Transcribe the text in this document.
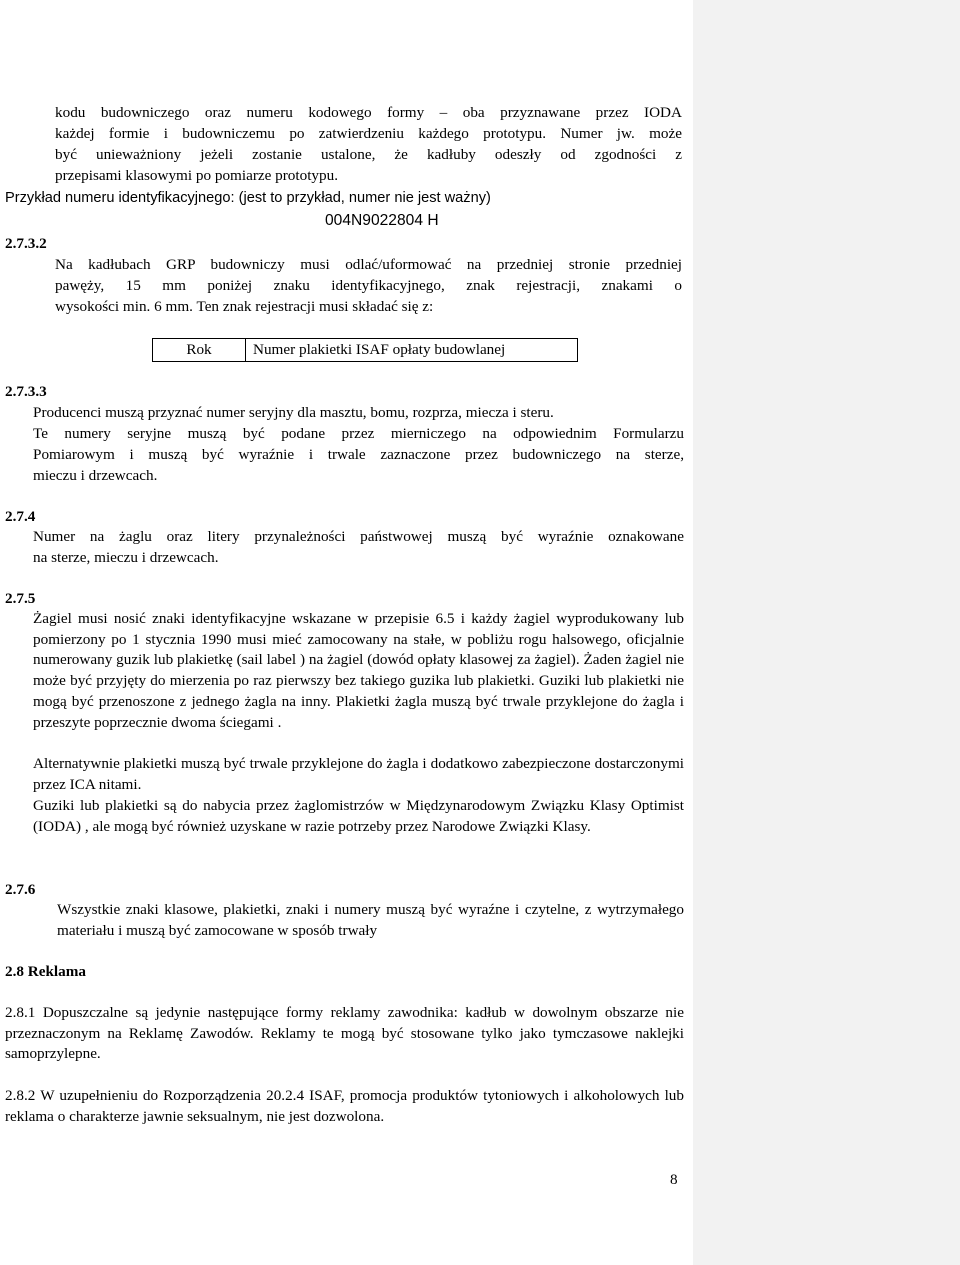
kodu budowniczego oraz numeru kodowego formy – oba przyznawane przez IODA
każdej formie i budowniczemu po zatwierdzeniu każdego prototypu. Numer jw. może
być unieważniony jeżeli zostanie ustalone, że kadłuby odeszły od zgodności z
przepisami klasowymi po pomiarze prototypu.
Przykład numeru identyfikacyjnego: (jest to przykład, numer nie jest ważny)
004N9022804 H
2.7.3.2
Na kadłubach GRP budowniczy musi odlać/uformować na przedniej stronie przedniej
pawęży, 15 mm poniżej znaku identyfikacyjnego, znak rejestracji, znakami o
wysokości min. 6 mm. Ten znak rejestracji musi składać się z:
Rok	Numer plakietki ISAF opłaty budowlanej
2.7.3.3
Producenci muszą przyznać numer seryjny dla masztu, bomu, rozprza, miecza i steru.
Te numery seryjne muszą być podane przez mierniczego na odpowiednim Formularzu
Pomiarowym i muszą być wyraźnie i trwale zaznaczone przez budowniczego na sterze,
mieczu i drzewcach.
2.7.4
Numer na żaglu oraz litery przynależności państwowej muszą być wyraźnie oznakowane
na sterze, mieczu i drzewcach.
2.7.5

Żagiel musi nosić znaki identyfikacyjne wskazane w przepisie 6.5 i każdy żagiel wyprodukowany lub pomierzony po 1 stycznia 1990 musi mieć zamocowany na stałe, w pobliżu rogu halsowego, oficjalnie numerowany guzik lub plakietkę (sail label ) na żagiel (dowód opłaty klasowej za żagiel). Żaden żagiel nie może być przyjęty do mierzenia po raz pierwszy bez takiego guzika lub plakietki. Guziki lub plakietki nie mogą być przenoszone z jednego żagla na inny. Plakietki żagla muszą być trwale przyklejone do żagla i przeszyte poprzecznie dwoma ściegami .

Alternatywnie plakietki muszą być trwale przyklejone do żagla i dodatkowo zabezpieczone dostarczonymi przez ICA nitami.

Guziki lub plakietki są do nabycia przez żaglomistrzów w Międzynarodowym Związku Klasy Optimist (IODA) , ale mogą być również uzyskane w razie potrzeby przez Narodowe Związki Klasy.

2.7.6

Wszystkie znaki klasowe, plakietki, znaki i numery muszą być wyraźne i czytelne, z wytrzymałego materiału i muszą być zamocowane w sposób trwały

2.8 Reklama

2.8.1 Dopuszczalne są jedynie następujące formy reklamy zawodnika: kadłub w dowolnym obszarze nie przeznaczonym na Reklamę Zawodów. Reklamy te mogą być stosowane tylko jako tymczasowe naklejki samoprzylepne.

2.8.2 W uzupełnieniu do Rozporządzenia 20.2.4 ISAF, promocja produktów tytoniowych i alkoholowych lub reklama o charakterze jawnie seksualnym, nie jest dozwolona.

8
